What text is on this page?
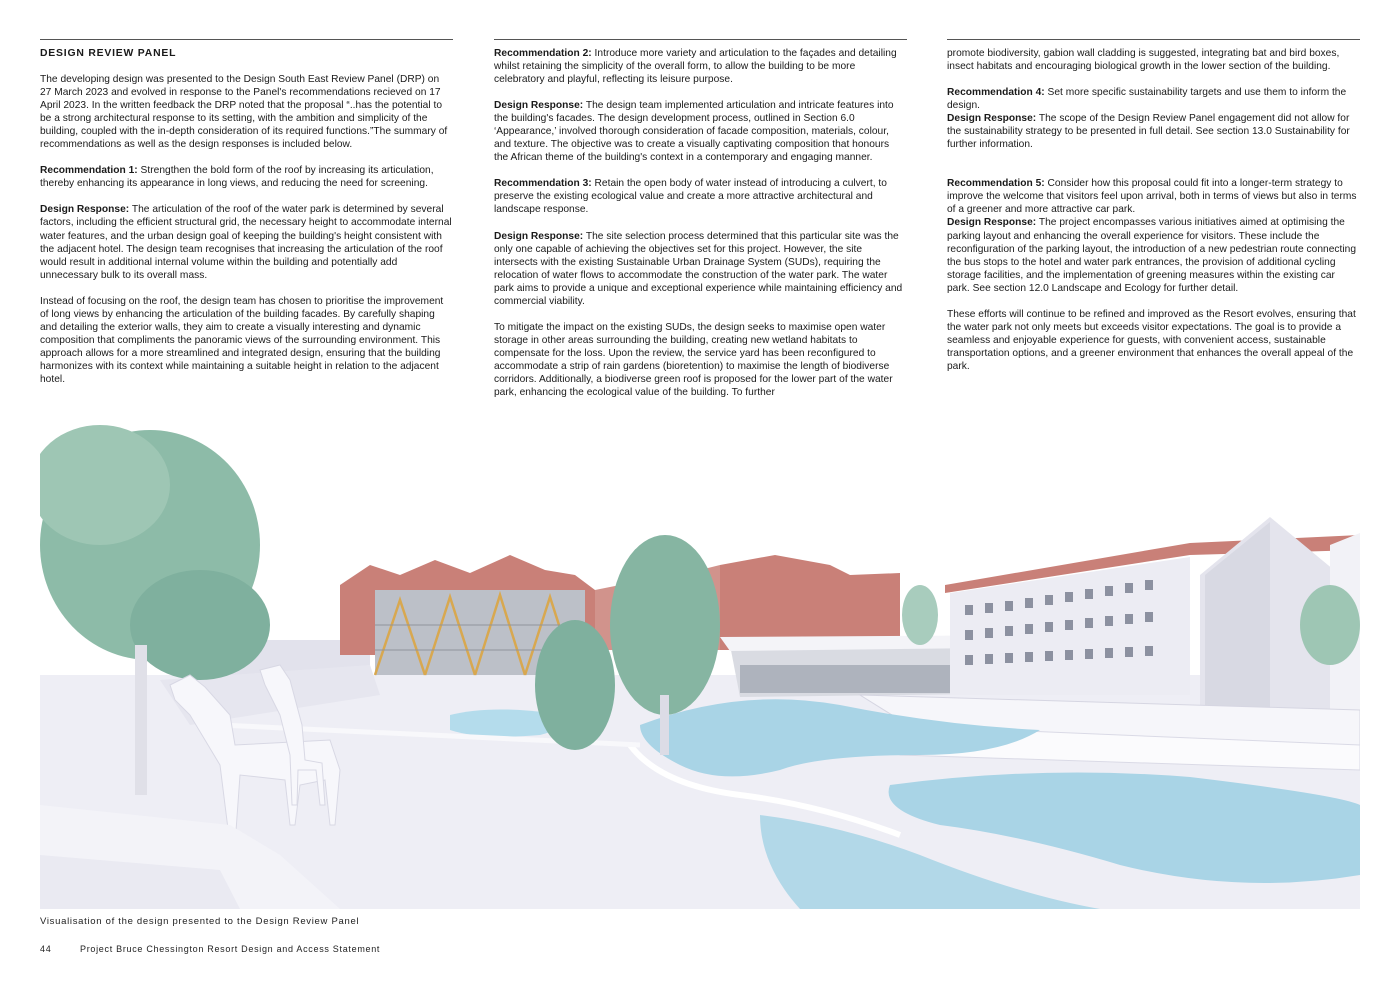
DESIGN REVIEW PANEL

The developing design was presented to the Design South East Review Panel (DRP) on 27 March 2023 and evolved in response to the Panel's recommendations recieved on 17 April 2023. In the written feedback the DRP noted that the proposal “..has the potential to be a strong architectural response to its setting, with the ambition and simplicity of the building, coupled with the in-depth consideration of its required functions.”The summary of recommendations as well as the design responses is included below.

Recommendation 1: Strengthen the bold form of the roof by increasing its articulation, thereby enhancing its appearance in long views, and reducing the need for screening.

Design Response: The articulation of the roof of the water park is determined by several factors, including the efficient structural grid, the necessary height to accommodate internal water features, and the urban design goal of keeping the building's height consistent with the adjacent hotel. The design team recognises that increasing the articulation of the roof would result in additional internal volume within the building and potentially add unnecessary bulk to its overall mass.

Instead of focusing on the roof, the design team has chosen to prioritise the improvement of long views by enhancing the articulation of the building facades. By carefully shaping and detailing the exterior walls, they aim to create a visually interesting and dynamic composition that compliments the panoramic views of the surrounding environment. This approach allows for a more streamlined and integrated design, ensuring that the building harmonizes with its context while maintaining a suitable height in relation to the adjacent hotel.

Recommendation 2: Introduce more variety and articulation to the façades and detailing whilst retaining the simplicity of the overall form, to allow the building to be more celebratory and playful, reflecting its leisure purpose.

Design Response: The design team implemented articulation and intricate features into the building's facades. The design development process, outlined in Section 6.0 ‘Appearance,’ involved thorough consideration of facade composition, materials, colour, and texture. The objective was to create a visually captivating composition that honours the African theme of the building's context in a contemporary and engaging manner.

Recommendation 3: Retain the open body of water instead of introducing a culvert, to preserve the existing ecological value and create a more attractive architectural and landscape response.

Design Response: The site selection process determined that this particular site was the only one capable of achieving the objectives set for this project. However, the site intersects with the existing Sustainable Urban Drainage System (SUDs), requiring the relocation of water flows to accommodate the construction of the water park. The water park aims to provide a unique and exceptional experience while maintaining efficiency and commercial viability.

To mitigate the impact on the existing SUDs, the design seeks to maximise open water storage in other areas surrounding the building, creating new wetland habitats to compensate for the loss. Upon the review, the service yard has been reconfigured to accommodate a strip of rain gardens (bioretention) to maximise the length of biodiverse corridors. Additionally, a biodiverse green roof is proposed for the lower part of the water park, enhancing the ecological value of the building. To further

promote biodiversity, gabion wall cladding is suggested, integrating bat and bird boxes, insect habitats and encouraging biological growth in the lower section of the building.

Recommendation 4: Set more specific sustainability targets and use them to inform the design.

Design Response: The scope of the Design Review Panel engagement did not allow for the sustainability strategy to be presented in full detail. See section 13.0 Sustainability for further information.

Recommendation 5: Consider how this proposal could fit into a longer-term strategy to improve the welcome that visitors feel upon arrival, both in terms of views but also in terms of a greener and more attractive car park.

Design Response: The project encompasses various initiatives aimed at optimising the parking layout and enhancing the overall experience for visitors. These include the reconfiguration of the parking layout, the introduction of a new pedestrian route connecting the bus stops to the hotel and water park entrances, the provision of additional cycling storage facilities, and the implementation of greening measures within the existing car park. See section 12.0 Landscape and Ecology for further detail.

These efforts will continue to be refined and improved as the Resort evolves, ensuring that the water park not only meets but exceeds visitor expectations. The goal is to provide a seamless and enjoyable experience for guests, with convenient access, sustainable transportation options, and a greener environment that enhances the overall appeal of the park.

Visualisation of the design presented to the Design Review Panel
44	Project Bruce Chessington Resort Design and Access Statement
